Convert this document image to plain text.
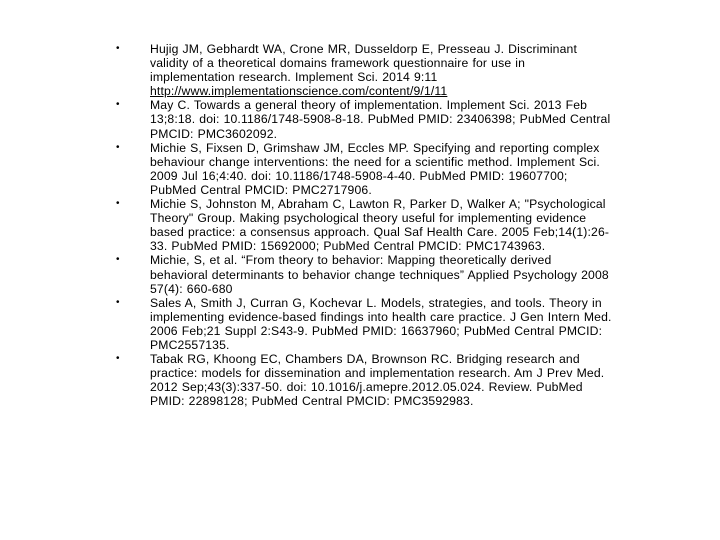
• Hujig JM, Gebhardt WA, Crone MR, Dusseldorp E, Presseau J. Discriminant validity of a theoretical domains framework questionnaire for use in implementation research. Implement Sci. 2014 9:11 http://www.implementationscience.com/content/9/1/11
• May C. Towards a general theory of implementation. Implement Sci. 2013 Feb 13;8:18. doi: 10.1186/1748-5908-8-18. PubMed PMID: 23406398; PubMed Central PMCID: PMC3602092.
• Michie S, Fixsen D, Grimshaw JM, Eccles MP. Specifying and reporting complex behaviour change interventions: the need for a scientific method. Implement Sci. 2009 Jul 16;4:40. doi: 10.1186/1748-5908-4-40. PubMed PMID: 19607700; PubMed Central PMCID: PMC2717906.
• Michie S, Johnston M, Abraham C, Lawton R, Parker D, Walker A; "Psychological Theory" Group. Making psychological theory useful for implementing evidence based practice: a consensus approach. Qual Saf Health Care. 2005 Feb;14(1):26-33. PubMed PMID: 15692000; PubMed Central PMCID: PMC1743963.
• Michie, S, et al. “From theory to behavior: Mapping theoretically derived behavioral determinants to behavior change techniques” Applied Psychology 2008 57(4): 660-680
• Sales A, Smith J, Curran G, Kochevar L. Models, strategies, and tools. Theory in implementing evidence-based findings into health care practice. J Gen Intern Med. 2006 Feb;21 Suppl 2:S43-9. PubMed PMID: 16637960; PubMed Central PMCID: PMC2557135.
• Tabak RG, Khoong EC, Chambers DA, Brownson RC. Bridging research and practice: models for dissemination and implementation research. Am J Prev Med. 2012 Sep;43(3):337-50. doi: 10.1016/j.amepre.2012.05.024. Review. PubMed PMID: 22898128; PubMed Central PMCID: PMC3592983.
